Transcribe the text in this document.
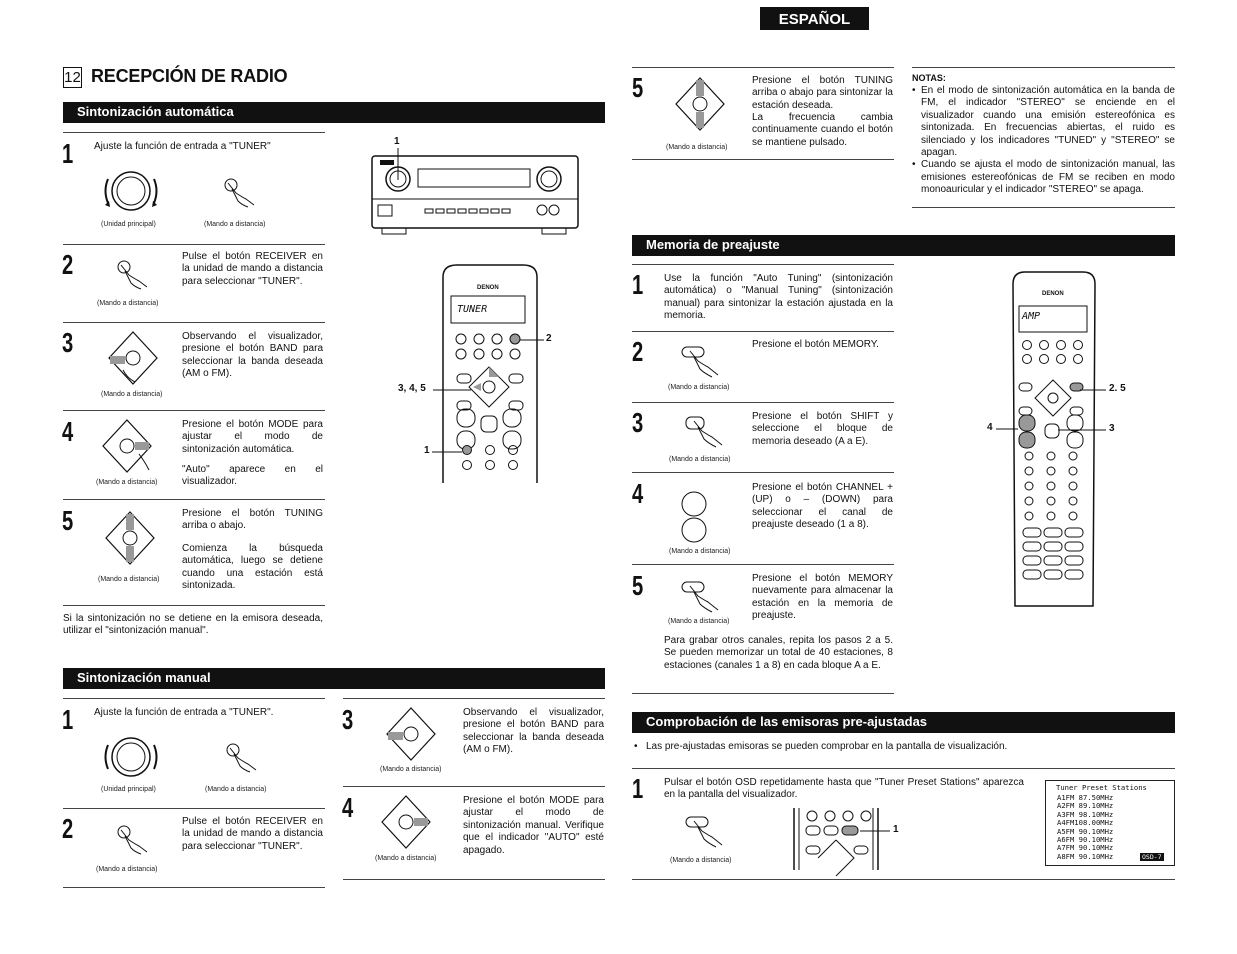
ESPAÑOL
12 RECEPCIÓN DE RADIO
Sintonización automática
1 Ajuste la función de entrada a "TUNER"
(Unidad principal)	(Mando a distancia)
2
(Mando a distancia)
Pulse el botón RECEIVER en la unidad de mando a distancia para seleccionar "TUNER".
3
(Mando a distancia)
Observando el visualizador, presione el botón BAND para seleccionar la banda deseada (AM o FM).
4
(Mando a distancia)
Presione el botón MODE para ajustar el modo de sintonización automática.
"Auto" aparece en el visualizador.
5
(Mando a distancia)
Presione el botón TUNING arriba o abajo.
Comienza la búsqueda automática, luego se detiene cuando una estación está sintonizada.
Si la sintonización no se detiene en la emisora deseada, utilizar el "sintonización manual".
1
DENON
TUNER
2
3, 4, 5
1
Sintonización manual
1 Ajuste la función de entrada a "TUNER".
(Unidad principal)	(Mando a distancia)
2
(Mando a distancia)
Pulse el botón RECEIVER en la unidad de mando a distancia para seleccionar "TUNER".
3
(Mando a distancia)
Observando el visualizador, presione el botón BAND para seleccionar la banda deseada (AM o FM).
4
(Mando a distancia)
Presione el botón MODE para ajustar el modo de sintonización manual. Verifique que el indicador "AUTO" esté apagado.
5
(Mando a distancia)
Presione el botón TUNING arriba o abajo para sintonizar la estación deseada.
La frecuencia cambia continuamente cuando el botón se mantiene pulsado.
NOTAS:
• En el modo de sintonización automática en la banda de FM, el indicador "STEREO" se enciende en el visualizador cuando una emisión estereofónica es sintonizada. En frecuencias abiertas, el ruido es silenciado y los indicadores "TUNED" y "STEREO" se apagan.
• Cuando se ajusta el modo de sintonización manual, las emisiones estereofónicas de FM se reciben en modo monoauricular y el indicador "STEREO" se apaga.
Memoria de preajuste
1 Use la función "Auto Tuning" (sintonización automática) o "Manual Tuning" (sintonización manual) para sintonizar la estación ajustada en la memoria.
2
(Mando a distancia)
Presione el botón MEMORY.
3
(Mando a distancia)
Presione el botón SHIFT y seleccione el bloque de memoria deseado (A a E).
4
(Mando a distancia)
Presione el botón CHANNEL + (UP) o – (DOWN) para seleccionar el canal de preajuste deseado (1 a 8).
5
(Mando a distancia)
Presione el botón MEMORY nuevamente para almacenar la estación en la memoria de preajuste.
Para grabar otros canales, repita los pasos 2 a 5. Se pueden memorizar un total de 40 estaciones, 8 estaciones (canales 1 a 8) en cada bloque A a E.
DENON
AMP
2. 5
4	3
Comprobación de las emisoras pre-ajustadas
• Las pre-ajustadas emisoras se pueden comprobar en la pantalla de visualización.
1 Pulsar el botón OSD repetidamente hasta que "Tuner Preset Stations" aparezca en la pantalla del visualizador.
(Mando a distancia)
1
Tuner Preset Stations
A1FM 87.50MHz
A2FM 89.10MHz
A3FM 98.10MHz
A4FM108.00MHz
A5FM 90.10MHz
A6FM 90.10MHz
A7FM 90.10MHz
A8FM 90.10MHz	OSD-7
